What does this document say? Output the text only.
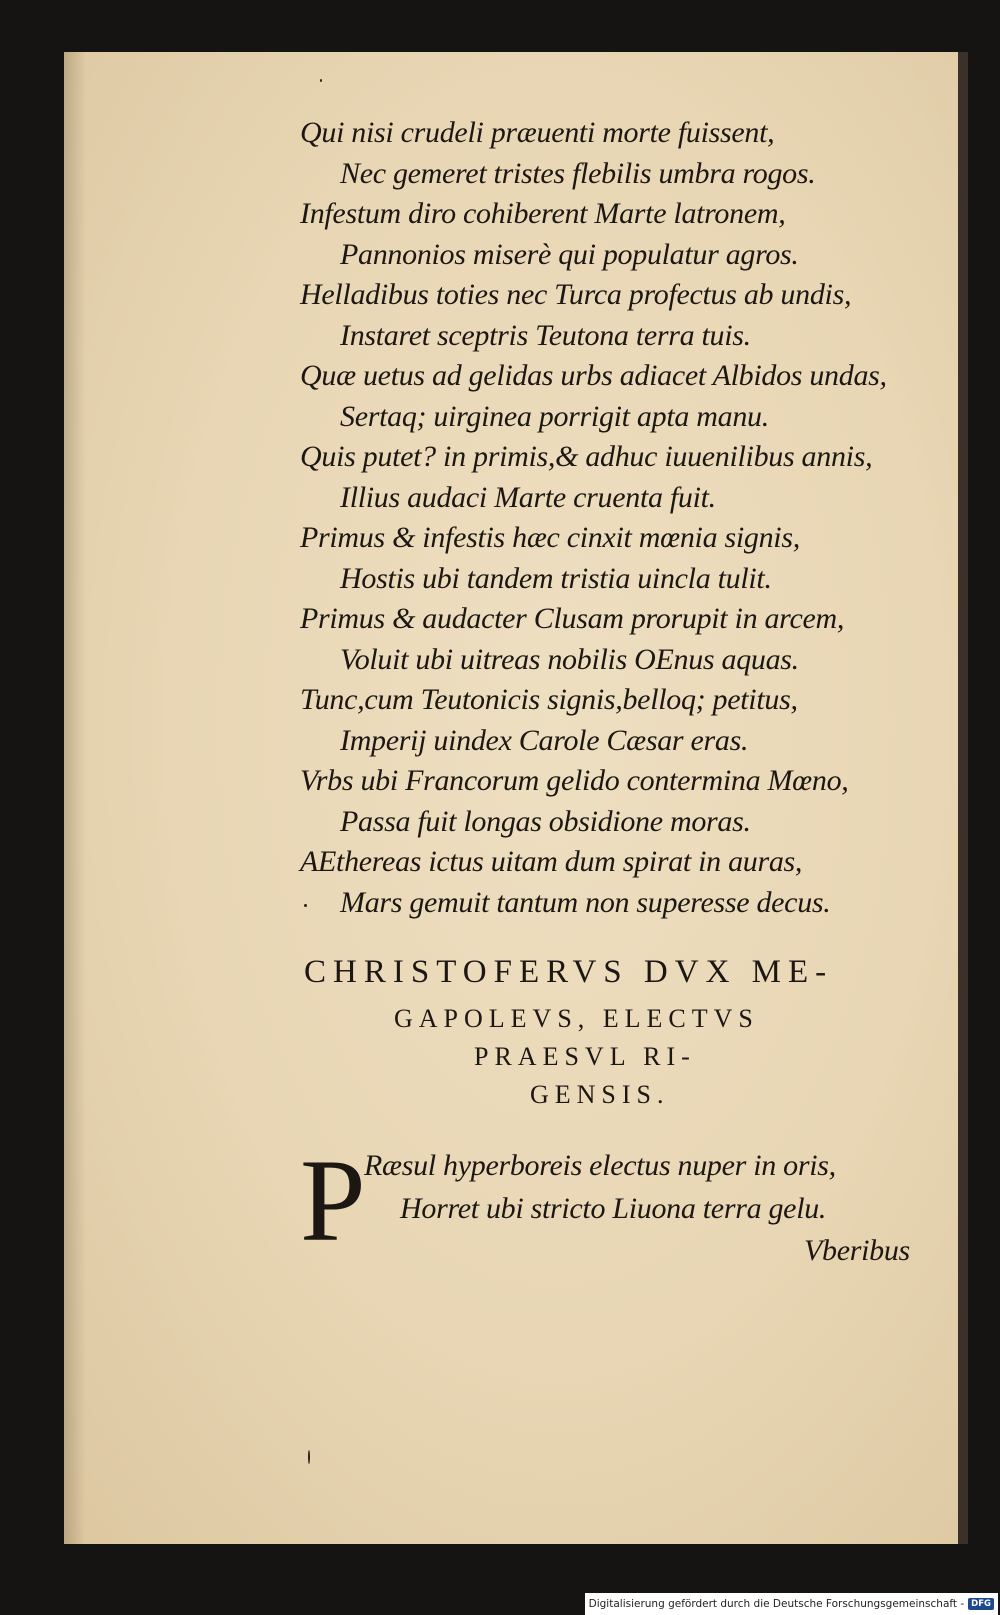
Qui nisi crudeli præuenti morte fuissent,
Nec gemeret tristes flebilis umbra rogos.
Infestum diro cohiberent Marte latronem,
Pannonios miserè qui populatur agros.
Helladibus toties nec Turca profectus ab undis,
Instaret sceptris Teutona terra tuis.
Quæ uetus ad gelidas urbs adiacet Albidos undas,
Sertaq; uirginea porrigit apta manu.
Quis putet? in primis,& adhuc iuuenilibus annis,
Illius audaci Marte cruenta fuit.
Primus & infestis hæc cinxit mœnia signis,
Hostis ubi tandem tristia uincla tulit.
Primus & audacter Clusam prorupit in arcem,
Voluit ubi uitreas nobilis OEnus aquas.
Tunc,cum Teutonicis signis,belloq; petitus,
Imperij uindex Carole Cæsar eras.
Vrbs ubi Francorum gelido contermina Mœno,
Passa fuit longas obsidione moras.
AEthereas ictus uitam dum spirat in auras,
Mars gemuit tantum non superesse decus.
CHRISTOFERVS DVX ME-
GAPOLEVS, ELECTVS
PRAESVL RI-
GENSIS.
P
Ræsul hyperboreis electus nuper in oris,
Horret ubi stricto Liuona terra gelu.
Vberibus
Digitalisierung gefördert durch die Deutsche Forschungsgemeinschaft - DFG
